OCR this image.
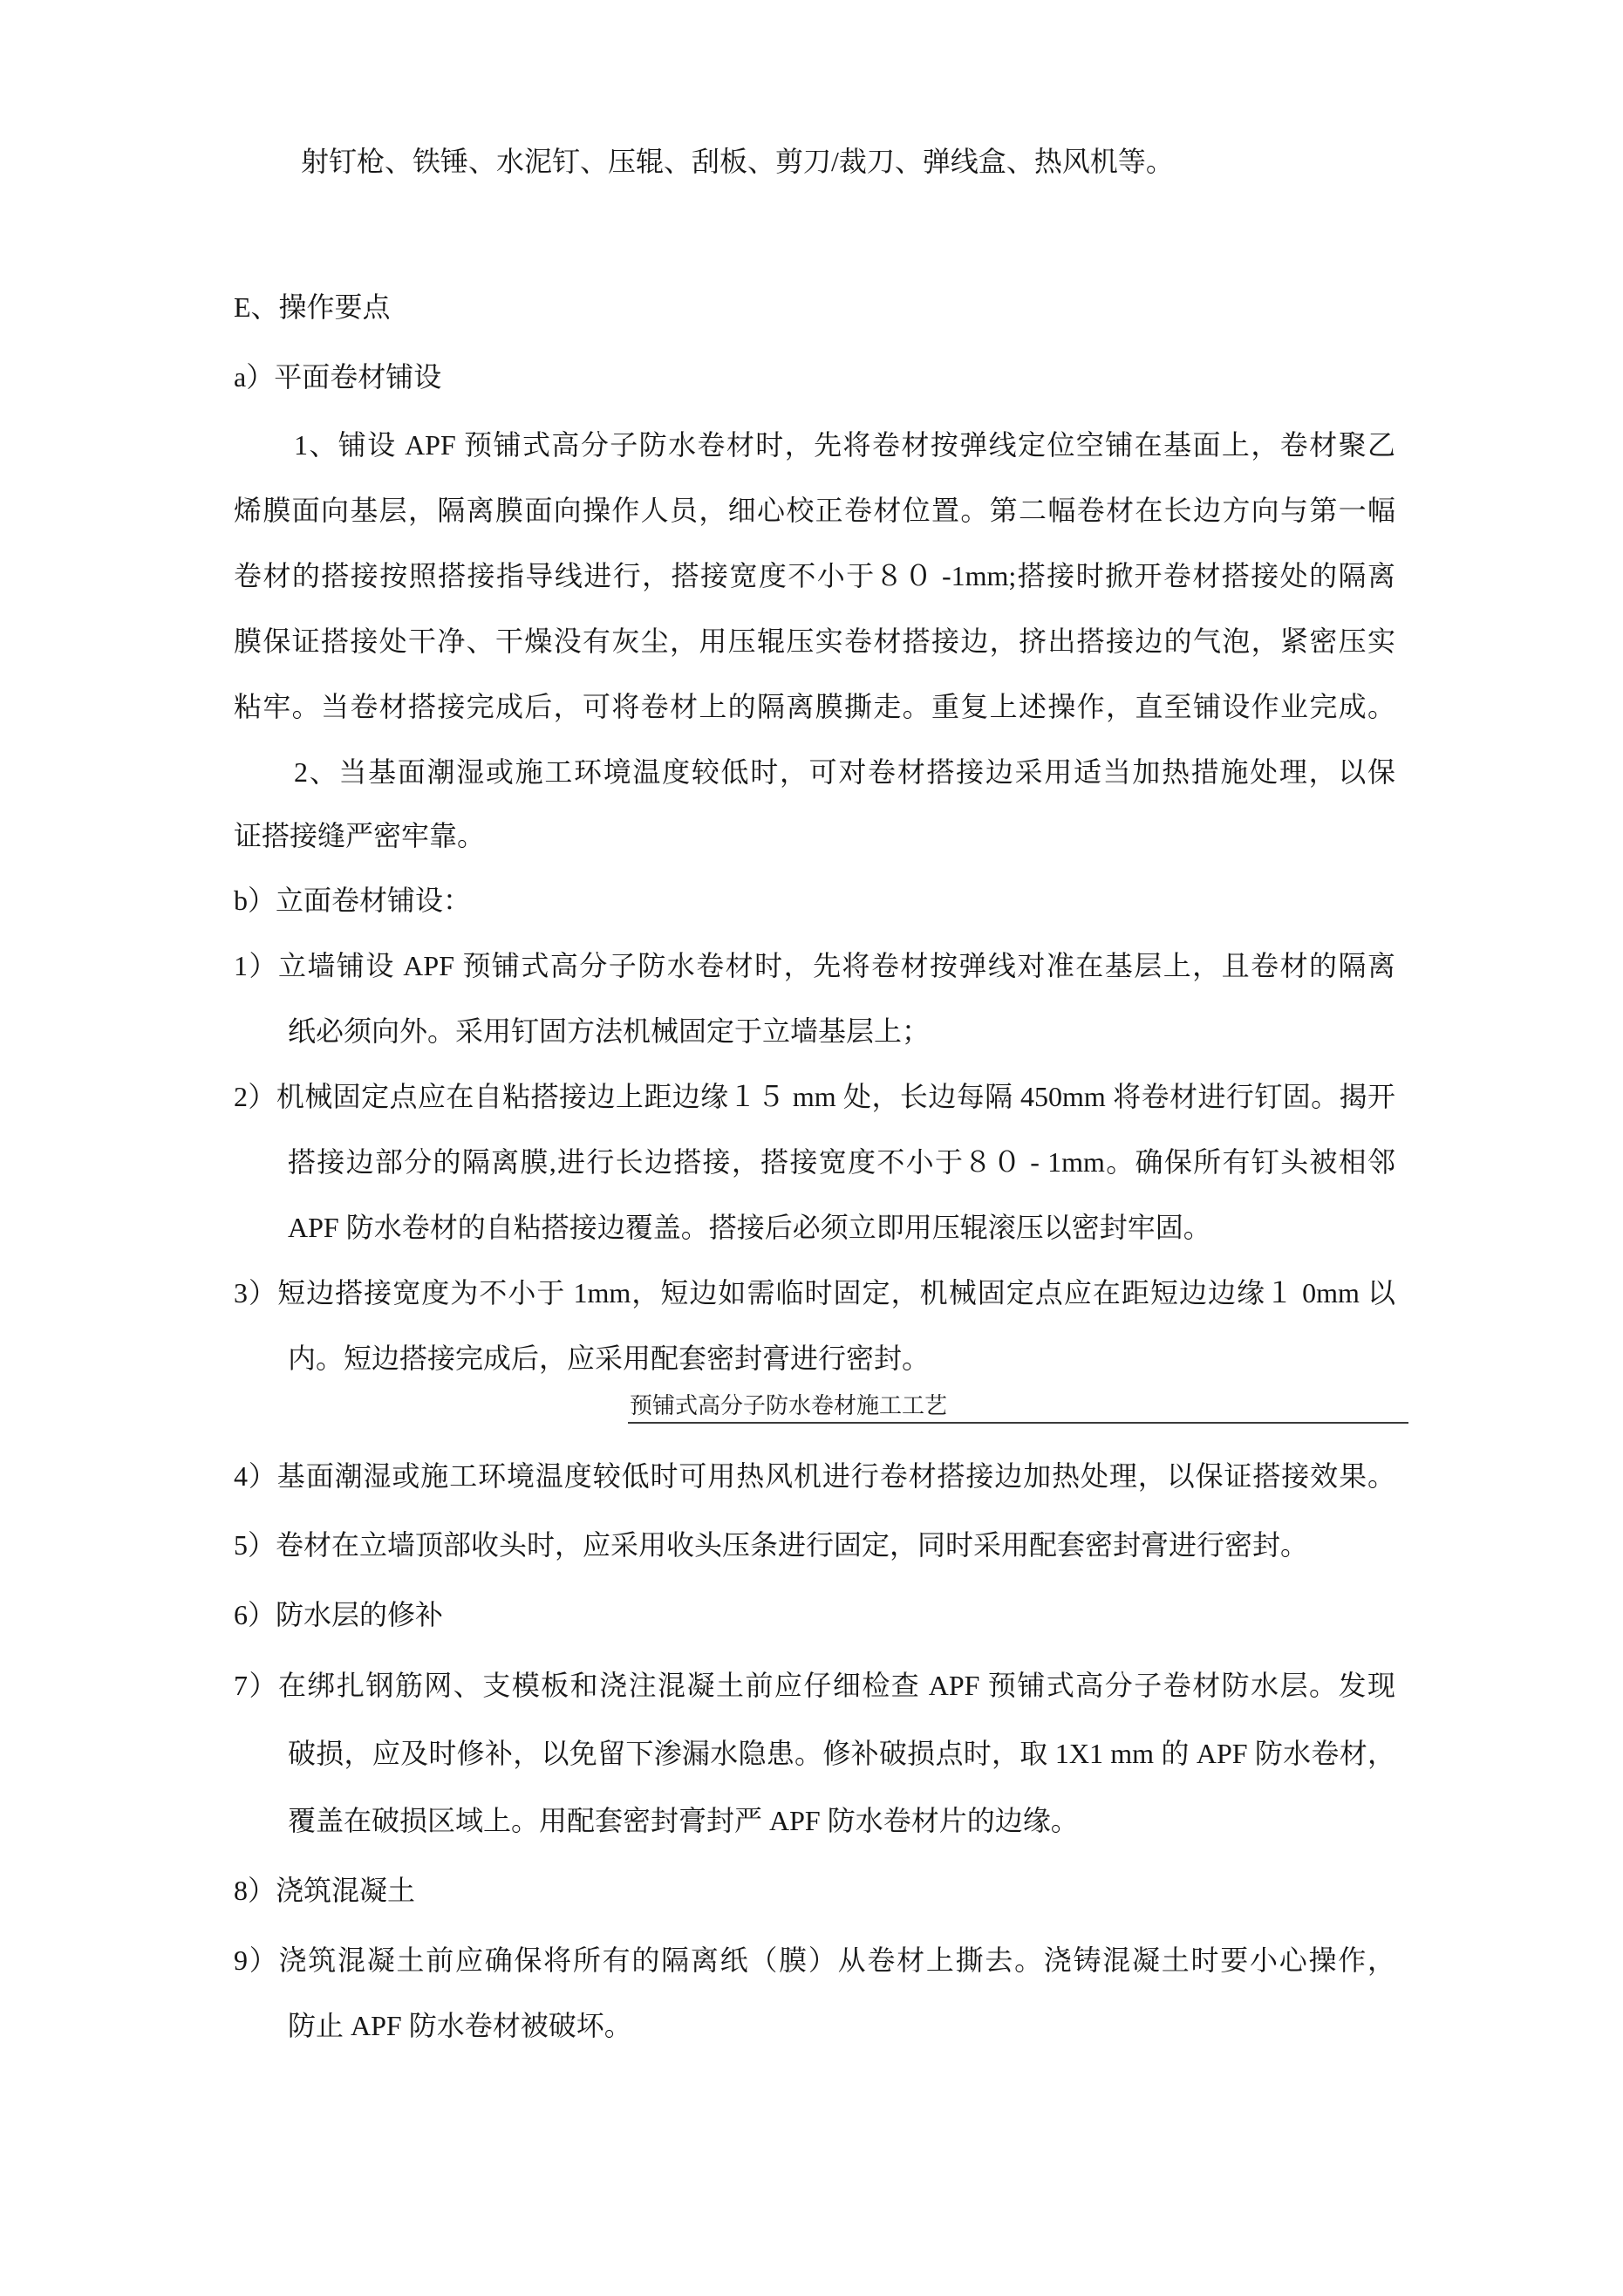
射钉枪、铁锤、水泥钉、压辊、刮板、剪刀/裁刀、弹线盒、热风机等。
E、操作要点
a）平面卷材铺设
1、铺设 APF 预铺式高分子防水卷材时，先将卷材按弹线定位空铺在基面上，卷材聚乙
烯膜面向基层，隔离膜面向操作人员，细心校正卷材位置。第二幅卷材在长边方向与第一幅
卷材的搭接按照搭接指导线进行，搭接宽度不小于８０ -1mm;搭接时掀开卷材搭接处的隔离
膜保证搭接处干净、干燥没有灰尘，用压辊压实卷材搭接边，挤出搭接边的气泡，紧密压实
粘牢。当卷材搭接完成后，可将卷材上的隔离膜撕走。重复上述操作，直至铺设作业完成。
2、当基面潮湿或施工环境温度较低时，可对卷材搭接边采用适当加热措施处理，以保
证搭接缝严密牢靠。
b）立面卷材铺设：
1）立墙铺设 APF 预铺式高分子防水卷材时，先将卷材按弹线对准在基层上，且卷材的隔离
纸必须向外。采用钉固方法机械固定于立墙基层上；
2）机械固定点应在自粘搭接边上距边缘１５ mm 处，长边每隔 450mm 将卷材进行钉固。揭开
搭接边部分的隔离膜,进行长边搭接，搭接宽度不小于８０ - 1mm。确保所有钉头被相邻
APF 防水卷材的自粘搭接边覆盖。搭接后必须立即用压辊滚压以密封牢固。
3）短边搭接宽度为不小于 1mm，短边如需临时固定，机械固定点应在距短边边缘１ 0mm 以
内。短边搭接完成后，应采用配套密封膏进行密封。
预铺式高分子防水卷材施工工艺
4）基面潮湿或施工环境温度较低时可用热风机进行卷材搭接边加热处理，以保证搭接效果。
5）卷材在立墙顶部收头时，应采用收头压条进行固定，同时采用配套密封膏进行密封。
6）防水层的修补
7）在绑扎钢筋网、支模板和浇注混凝土前应仔细检查 APF 预铺式高分子卷材防水层。发现
破损，应及时修补，以免留下渗漏水隐患。修补破损点时，取 1X1 mm 的 APF 防水卷材，
覆盖在破损区域上。用配套密封膏封严 APF 防水卷材片的边缘。
8）浇筑混凝土
9）浇筑混凝土前应确保将所有的隔离纸（膜）从卷材上撕去。浇铸混凝土时要小心操作，
防止 APF 防水卷材被破坏。
